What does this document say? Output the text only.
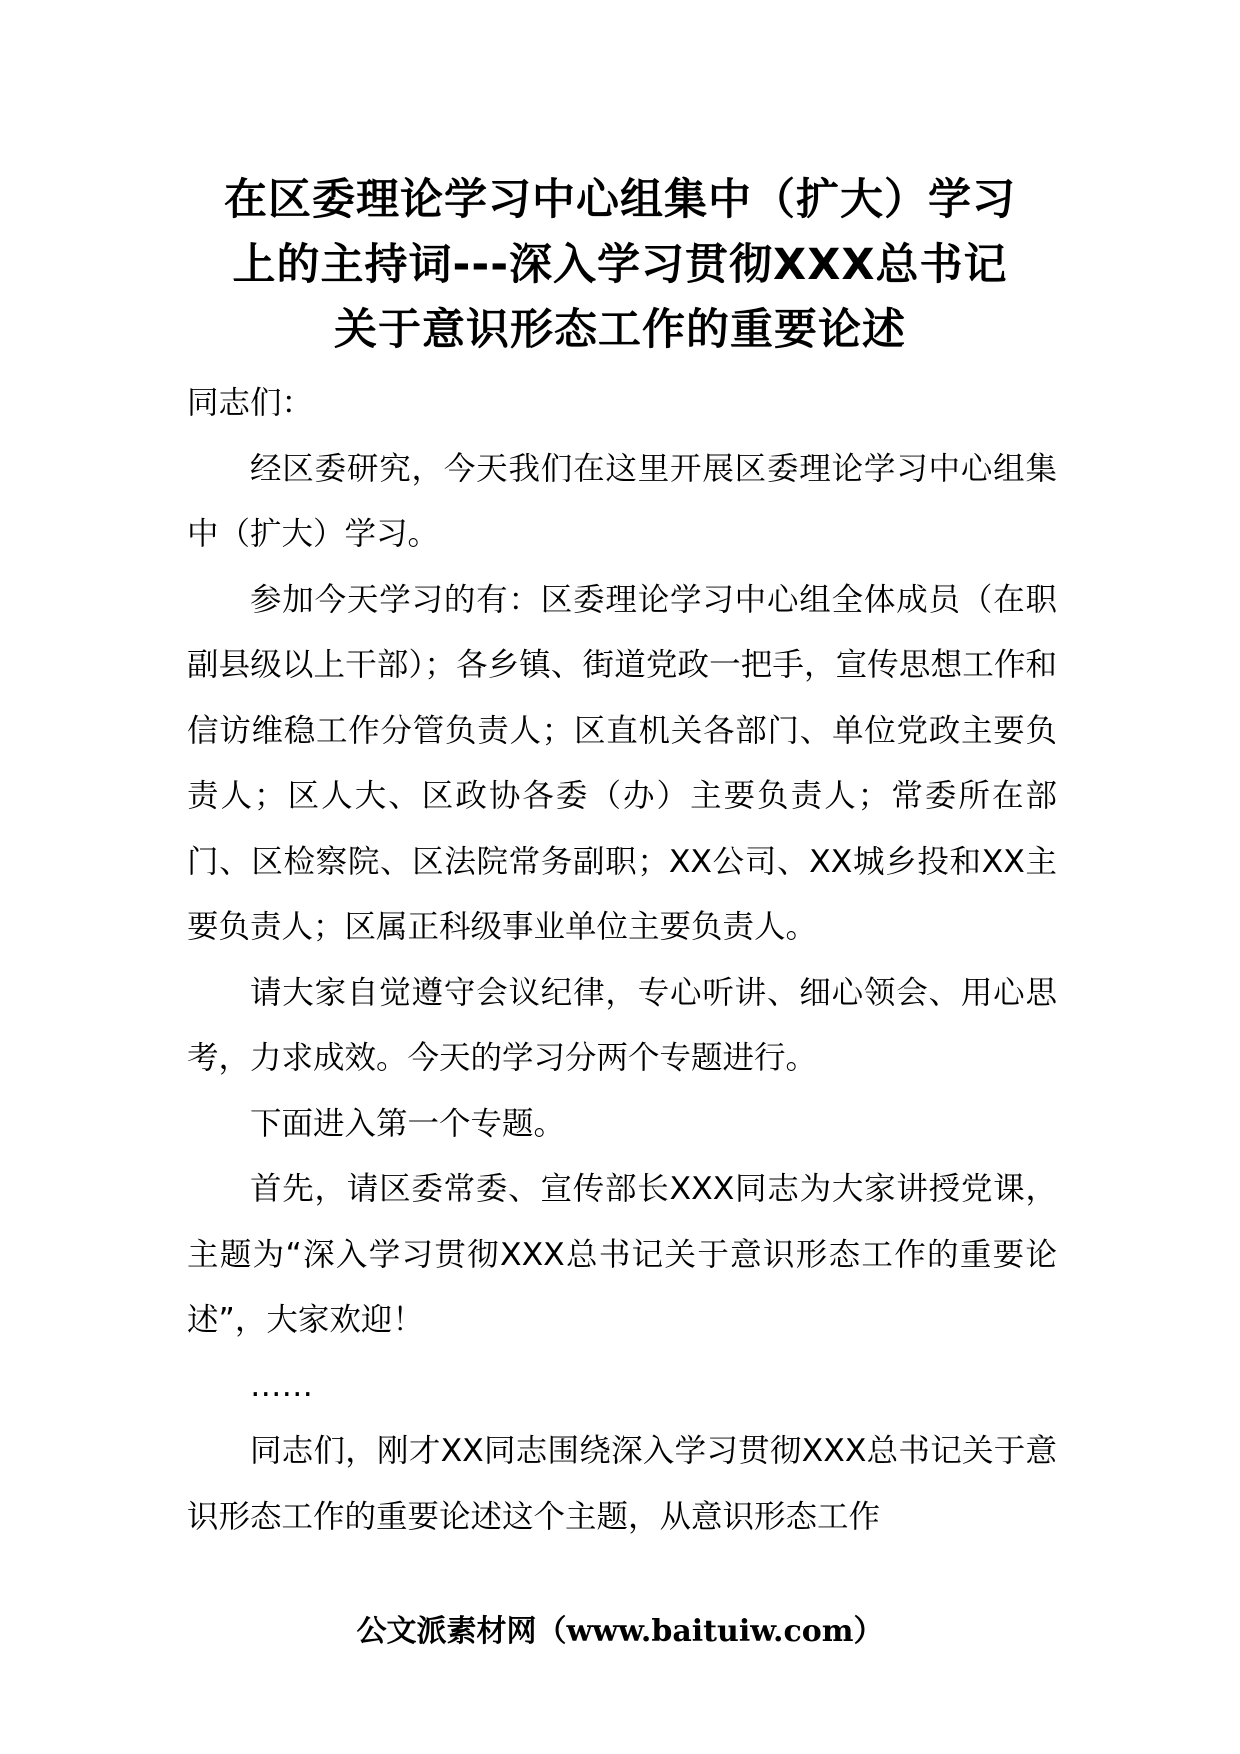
在区委理论学习中心组集中（扩大）学习
上的主持词---深入学习贯彻XXX总书记
关于意识形态工作的重要论述

同志们：

经区委研究，今天我们在这里开展区委理论学习中心组集中（扩大）学习。

参加今天学习的有：区委理论学习中心组全体成员（在职副县级以上干部）；各乡镇、街道党政一把手，宣传思想工作和信访维稳工作分管负责人；区直机关各部门、单位党政主要负责人；区人大、区政协各委（办）主要负责人；常委所在部门、区检察院、区法院常务副职；XX公司、XX城乡投和XX主要负责人；区属正科级事业单位主要负责人。

请大家自觉遵守会议纪律，专心听讲、细心领会、用心思考，力求成效。今天的学习分两个专题进行。

下面进入第一个专题。

首先，请区委常委、宣传部长XXX同志为大家讲授党课，主题为“深入学习贯彻XXX总书记关于意识形态工作的重要论述”，大家欢迎！

……

同志们，刚才XX同志围绕深入学习贯彻XXX总书记关于意识形态工作的重要论述这个主题，从意识形态工作

公文派素材网（www.baituiw.com）
